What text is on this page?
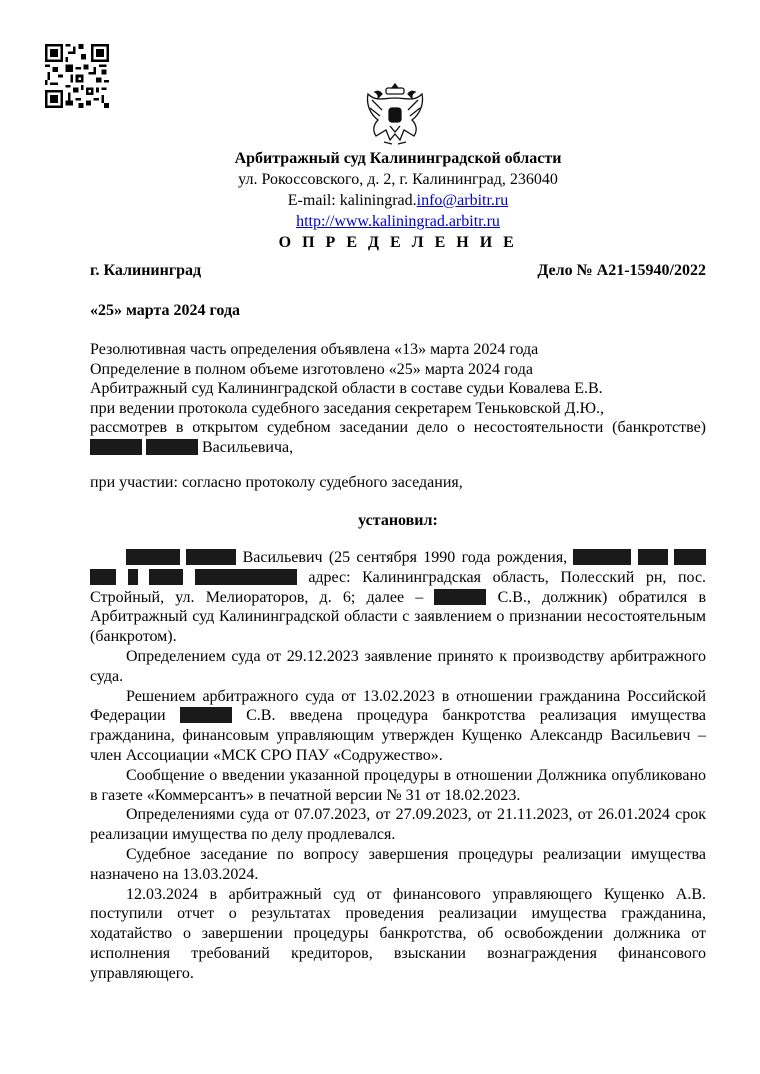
Арбитражный суд Калининградской области
ул. Рокоссовского, д. 2, г. Калининград, 236040
E-mail: kaliningrad.info@arbitr.ru
http://www.kaliningrad.arbitr.ru
О П Р Е Д Е Л Е Н И Е
г. Калининград	Дело № А21-15940/2022
«25» марта 2024 года
Резолютивная часть определения объявлена «13» марта 2024 года
Определение в полном объеме изготовлено «25» марта 2024 года
Арбитражный суд Калининградской области в составе судьи Ковалева Е.В.
при ведении протокола судебного заседания секретарем Теньковской Д.Ю.,
рассмотрев в открытом судебном заседании дело о несостоятельности (банкротстве)
Васильевича,
при участии: согласно протоколу судебного заседания,
установил:

Васильевич (25 сентября 1990 года рождения,        адрес: Калининградская область, Полесский рн, пос. Стройный, ул. Мелиораторов, д. 6; далее –	С.В., должник) обратился в Арбитражный суд Калининградской области с заявлением о признании несостоятельным (банкротом).

Определением суда от 29.12.2023 заявление принято к производству арбитражного суда.

Решением арбитражного суда от 13.02.2023 в отношении гражданина Российской Федерации	С.В. введена процедура банкротства реализация имущества гражданина, финансовым управляющим утвержден Кущенко Александр Васильевич – член Ассоциации «МСК СРО ПАУ «Содружество».

Сообщение о введении указанной процедуры в отношении Должника опубликовано в газете «Коммерсантъ» в печатной версии № 31 от 18.02.2023.

Определениями суда от 07.07.2023, от 27.09.2023, от 21.11.2023, от 26.01.2024 срок реализации имущества по делу продлевался.

Судебное заседание по вопросу завершения процедуры реализации имущества назначено на 13.03.2024.

12.03.2024 в арбитражный суд от финансового управляющего Кущенко А.В. поступили отчет о результатах проведения реализации имущества гражданина, ходатайство о завершении процедуры банкротства, об освобождении должника от исполнения требований кредиторов, взыскании вознаграждения финансового управляющего.
